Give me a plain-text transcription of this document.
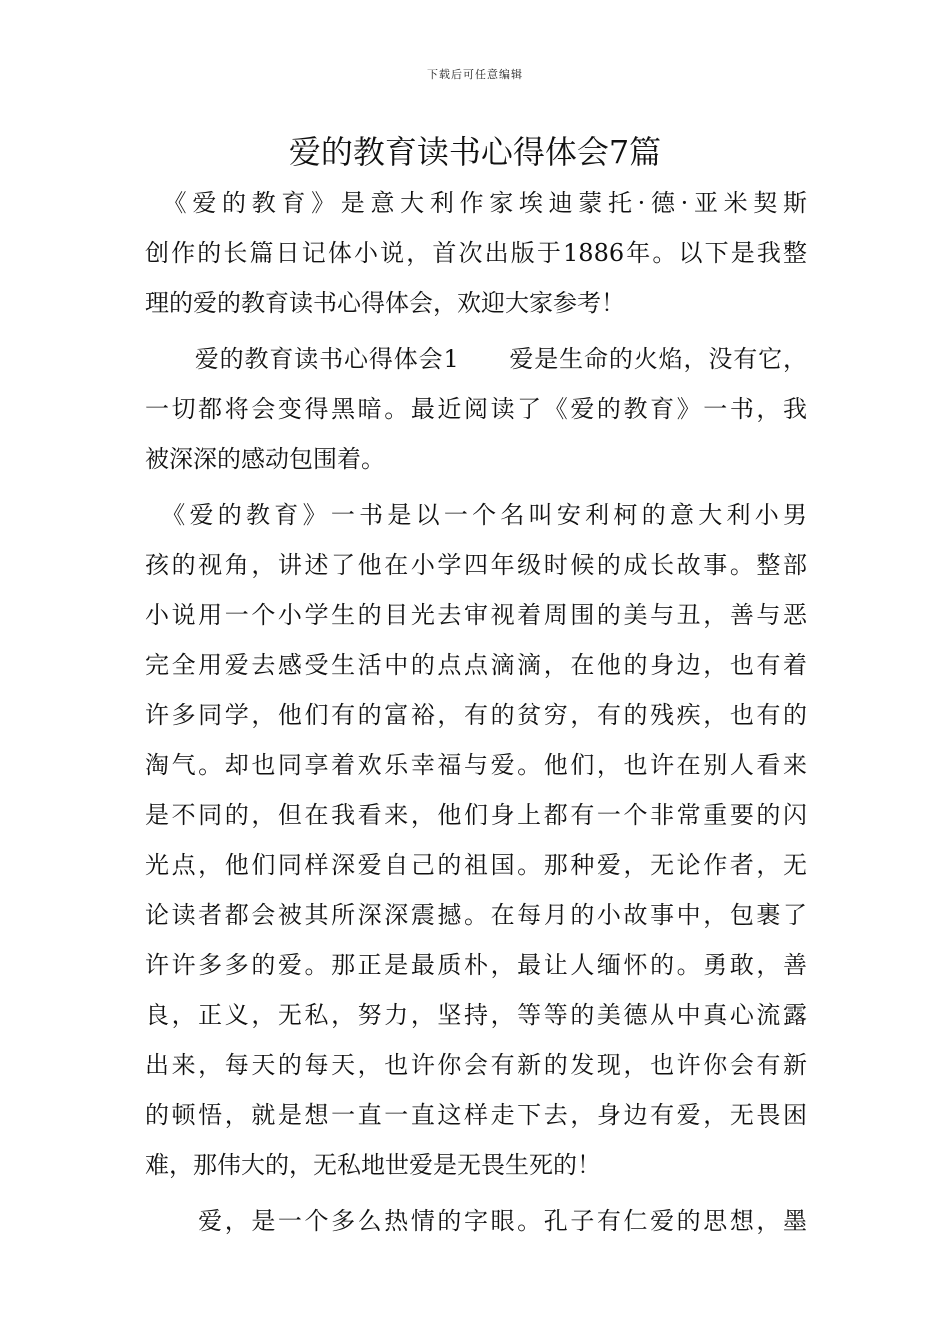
下载后可任意编辑
爱的教育读书心得体会7篇
　《爱的教育》是意大利作家埃迪蒙托·德·亚米契斯
创作的长篇日记体小说，首次出版于1886年。以下是我整
理的爱的教育读书心得体会，欢迎大家参考！
　　爱的教育读书心得体会1　　爱是生命的火焰，没有它，
一切都将会变得黑暗。最近阅读了《爱的教育》一书，我
被深深的感动包围着。
　《爱的教育》一书是以一个名叫安利柯的意大利小男
孩的视角，讲述了他在小学四年级时候的成长故事。整部
小说用一个小学生的目光去审视着周围的美与丑，善与恶
完全用爱去感受生活中的点点滴滴，在他的身边，也有着
许多同学，他们有的富裕，有的贫穷，有的残疾，也有的
淘气。却也同享着欢乐幸福与爱。他们，也许在别人看来
是不同的，但在我看来，他们身上都有一个非常重要的闪
光点，他们同样深爱自己的祖国。那种爱，无论作者，无
论读者都会被其所深深震撼。在每月的小故事中，包裹了
许许多多的爱。那正是最质朴，最让人缅怀的。勇敢，善
良，正义，无私，努力，坚持，等等的美德从中真心流露
出来，每天的每天，也许你会有新的发现，也许你会有新
的顿悟，就是想一直一直这样走下去，身边有爱，无畏困
难，那伟大的，无私地世爱是无畏生死的！
　　爱，是一个多么热情的字眼。孔子有仁爱的思想，墨
